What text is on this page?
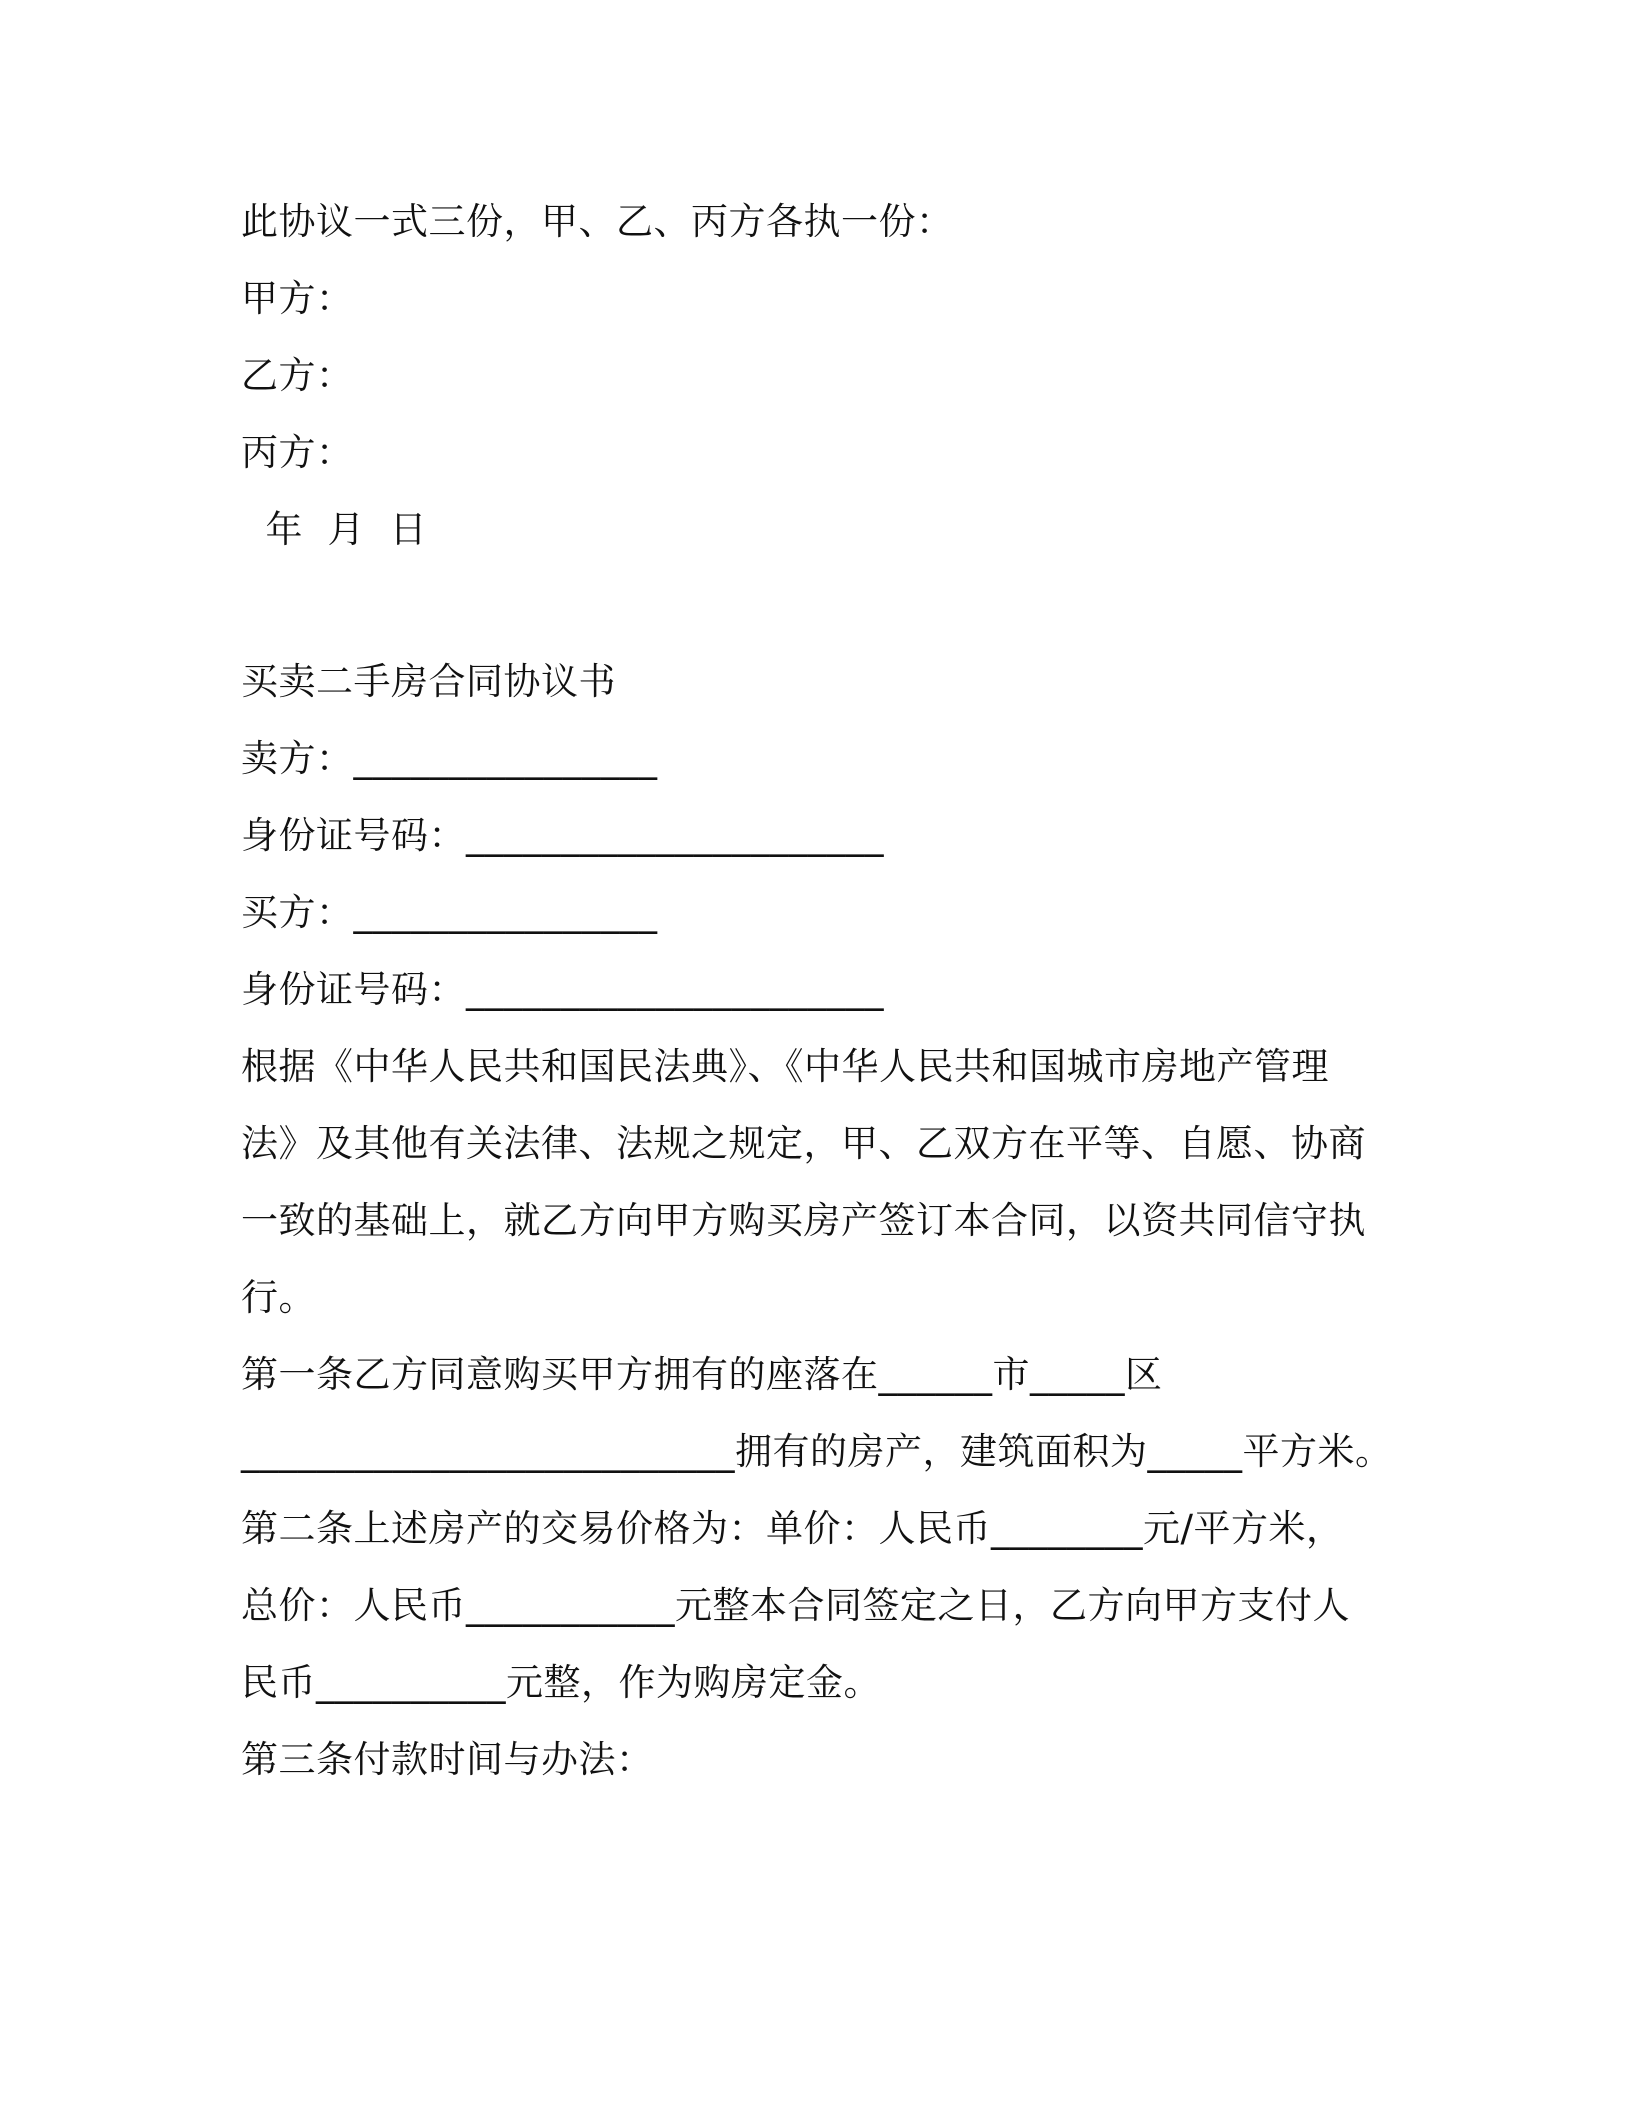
此协议一式三份，甲、乙、丙方各执一份：

甲方：

乙方：

丙方：

年  月  日

买卖二手房合同协议书

卖方：________________

身份证号码：______________________

买方：________________

身份证号码：______________________

根据《中华人民共和国民法典》、《中华人民共和国城市房地产管理

法》及其他有关法律、法规之规定，甲、乙双方在平等、自愿、协商

一致的基础上，就乙方向甲方购买房产签订本合同，以资共同信守执

行。

第一条乙方同意购买甲方拥有的座落在______市_____区

__________________________拥有的房产，建筑面积为_____平方米。

第二条上述房产的交易价格为：单价：人民币________元/平方米，

总价：人民币___________元整本合同签定之日，乙方向甲方支付人

民币__________元整，作为购房定金。

第三条付款时间与办法：
